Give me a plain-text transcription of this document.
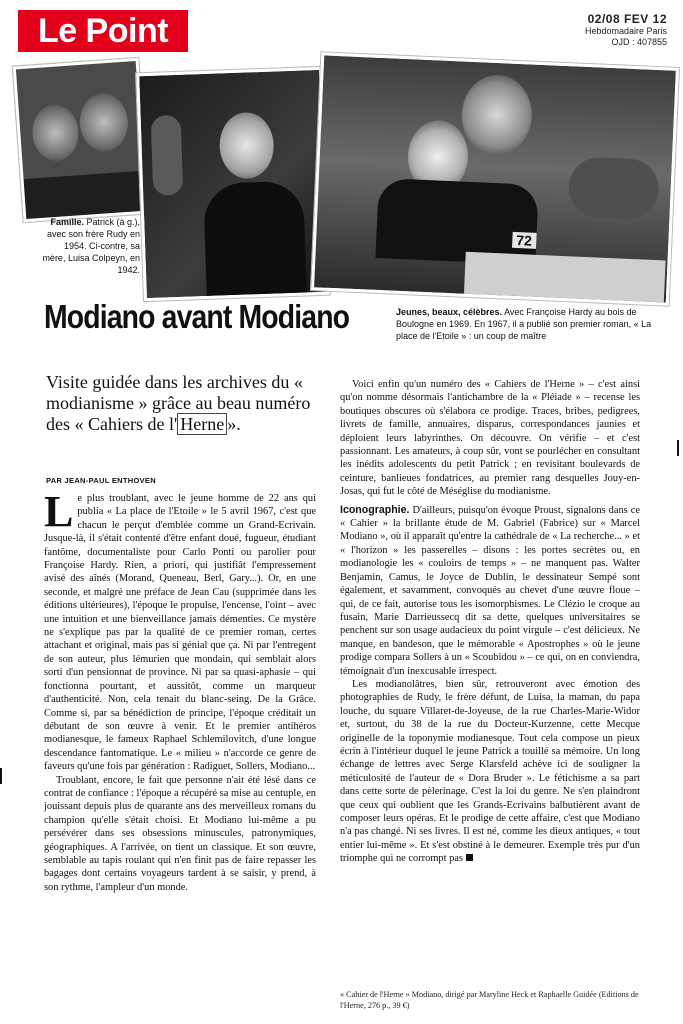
Le Point	02/08 FEV 12
Hebdomadaire Paris
OJD : 407855
Famille. Patrick (à g.), avec son frère Rudy en 1954. Ci-contre, sa mère, Luisa Colpeyn, en 1942.
72
Jeunes, beaux, célèbres. Avec Françoise Hardy au bois de Boulogne en 1969. En 1967, il a publié son premier roman, « La place de l'Etoile » : un coup de maître
Modiano avant Modiano
Visite guidée dans les archives du « modianisme » grâce au beau numéro des « Cahiers de l' Herne ».
PAR JEAN-PAUL ENTHOVEN

Le plus troublant, avec le jeune homme de 22 ans qui publia « La place de l'Etoile » le 5 avril 1967, c'est que chacun le perçut d'emblée comme un Grand-Ecrivain. Jusque-là, il s'était contenté d'être enfant doué, fugueur, étudiant fantôme, documentaliste pour Carlo Ponti ou parolier pour Françoise Hardy. Rien, a priori, qui justifiât l'empressement avisé des aînés (Morand, Queneau, Berl, Gary...). Or, en une seconde, et malgré une préface de Jean Cau (supprimée dans les éditions ultérieures), l'époque le propulse, l'encense, l'oint – avec une intuition et une bienveillance jamais démenties. Ce mystère ne s'explique pas par la qualité de ce premier roman, certes attachant et original, mais pas si génial que ça. Ni par l'entregent de son auteur, plus lémurien que mondain, qui semblait alors sorti d'un pensionnat de province. Ni par sa quasi-aphasie – qui fonctionna pourtant, et aussitôt, comme un marqueur d'authenticité. Non, cela tenait du blanc-seing. De la Grâce. Comme si, par sa bénédiction de principe, l'époque créditait un débutant de son œuvre à venir. Et le premier antihéros modianesque, le fameux Raphael Schlemilovitch, d'une longue descendance fantomatique. Le « milieu » n'accorde ce genre de faveurs qu'une fois par génération : Radiguet, Sollers, Modiano...

Troublant, encore, le fait que personne n'ait été lésé dans ce contrat de confiance : l'époque a récupéré sa mise au centuple, en jouissant depuis plus de quarante ans des merveilleux romans du champion qu'elle s'était choisi. Et Modiano lui-même a pu persévérer dans ses obsessions minuscules, patronymiques, géographiques. A l'arrivée, on tient un classique. Et son œuvre, semblable au tapis roulant qui n'en finit pas de faire repasser les bagages dont certains voyageurs tardent à se saisir, y prend, à son rythme, l'ampleur d'un monde.

Voici enfin qu'un numéro des « Cahiers de l'Herne » – c'est ainsi qu'on nomme désormais l'antichambre de la « Pléiade » – recense les boutiques obscures où s'élabora ce prodige. Traces, bribes, pedigrees, livrets de famille, annuaires, disparus, correspondances jaunies et déploient leurs labyrinthes. On découvre. On vérifie – et c'est passionnant. Les amateurs, à coup sûr, vont se pourlécher en consultant les inédits adolescents du petit Patrick ; en revisitant boulevards de ceinture, banlieues fondatrices, au premier rang desquelles Jouy-en-Josas, qui fut le côté de Méséglise du modianisme.

Iconographie. D'ailleurs, puisqu'on évoque Proust, signalons dans ce « Cahier » la brillante étude de M. Gabriel (Fabrice) sur « Marcel Modiano », où il apparaît qu'entre la cathédrale de « La recherche... » et « l'horizon » les passerelles – disons : les portes secrètes ou, en modianologie les « couloirs de temps » – ne manquent pas. Walter Benjamin, Camus, le Joyce de Dublin, le dessinateur Sempé sont également, et savamment, convoqués au chevet d'une œuvre floue – qui, de ce fait, autorise tous les isomorphismes. Le Clézio le croque au fusain, Marie Darrieussecq dit sa dette, quelques universitaires se penchent sur son usage audacieux du point virgule – c'est délicieux. Ne manque, en bandeson, que le mémorable « Apostrophes » où le jeune prodige compara Sollers à un « Scoubidou » – ce qui, on en conviendra, témoignait d'un inexcusable irrespect.

Les modianolâtres, bien sûr, retrouveront avec émotion des photographies de Rudy, le frère défunt, de Luisa, la maman, du papa louche, du square Villaret-de-Joyeuse, de la rue Charles-Marie-Widor et, surtout, du 38 de la rue du Docteur-Kurzenne, cette Mecque originelle de la toponymie modianesque. Tout cela compose un pieux écrin à l'intérieur duquel le jeune Patrick a touillé sa mémoire. Un long échange de lettres avec Serge Klarsfeld achève ici de souligner la méticulosité de l'auteur de « Dora Bruder ». Le fétichisme a sa part dans cette sorte de pèlerinage. C'est la loi du genre. Ne s'en plaindront que ceux qui oublient que les Grands-Ecrivains balbutièrent avant de composer leurs opéras. Et le prodige de cette affaire, c'est que Modiano n'a pas changé. Ni ses livres. Il est né, comme les dieux antiques, « tout entier lui-même ». Et s'est obstiné à le demeurer. Exemple très pur d'un triomphe qui ne corrompt pas

« Cahier de l'Herne » Modiano, dirigé par Maryline Heck et Raphaelle Guidée (Editions de l'Herne, 276 p., 39 €)
